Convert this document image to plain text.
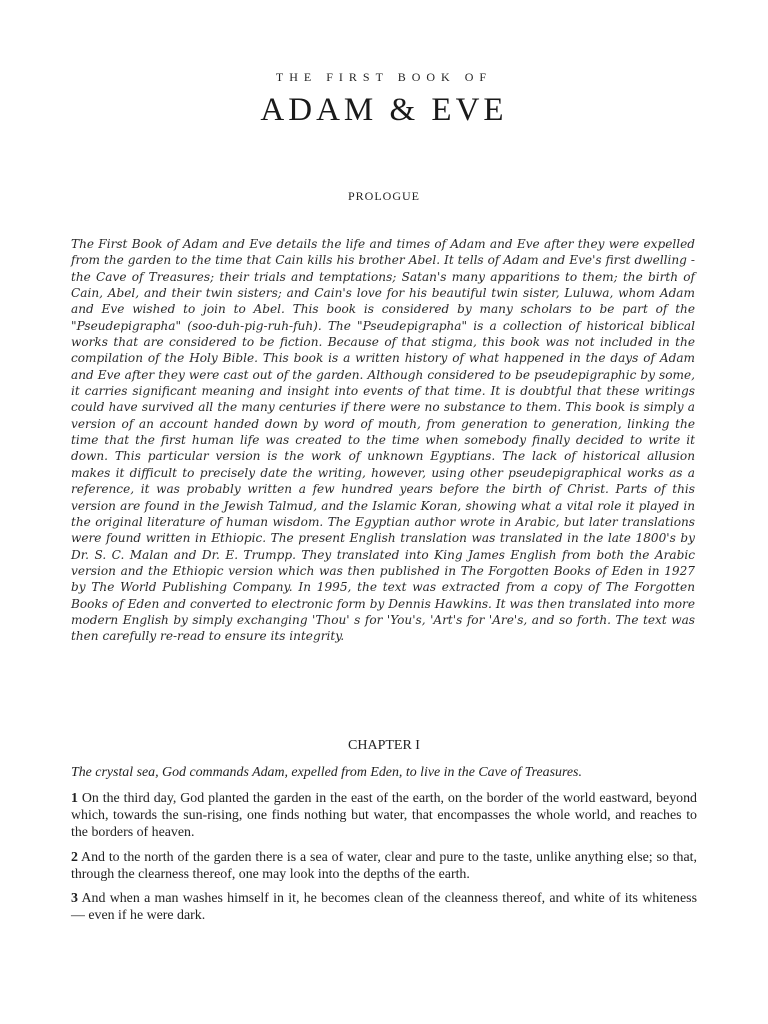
THE FIRST BOOK OF
ADAM & EVE
PROLOGUE

The First Book of Adam and Eve details the life and times of Adam and Eve after they were expelled from the garden to the time that Cain kills his brother Abel. It tells of Adam and Eve's first dwelling - the Cave of Treasures; their trials and temptations; Satan's many apparitions to them; the birth of Cain, Abel, and their twin sisters; and Cain's love for his beautiful twin sister, Luluwa, whom Adam and Eve wished to join to Abel. This book is considered by many scholars to be part of the "Pseudepigrapha" (soo-duh-pig-ruh-fuh). The "Pseudepigrapha" is a collection of historical biblical works that are considered to be fiction. Because of that stigma, this book was not included in the compilation of the Holy Bible. This book is a written history of what happened in the days of Adam and Eve after they were cast out of the garden. Although considered to be pseudepigraphic by some, it carries significant meaning and insight into events of that time. It is doubtful that these writings could have survived all the many centuries if there were no substance to them. This book is simply a version of an account handed down by word of mouth, from generation to generation, linking the time that the first human life was created to the time when somebody finally decided to write it down. This particular version is the work of unknown Egyptians. The lack of historical allusion makes it difficult to precisely date the writing, however, using other pseudepigraphical works as a reference, it was probably written a few hundred years before the birth of Christ. Parts of this version are found in the Jewish Talmud, and the Islamic Koran, showing what a vital role it played in the original literature of human wisdom. The Egyptian author wrote in Arabic, but later translations were found written in Ethiopic. The present English translation was translated in the late 1800's by Dr. S. C. Malan and Dr. E. Trumpp. They translated into King James English from both the Arabic version and the Ethiopic version which was then published in The Forgotten Books of Eden in 1927 by The World Publishing Company. In 1995, the text was extracted from a copy of The Forgotten Books of Eden and converted to electronic form by Dennis Hawkins. It was then translated into more modern English by simply exchanging 'Thou' s for 'You's, 'Art's for 'Are's, and so forth. The text was then carefully re-read to ensure its integrity.

CHAPTER I

The crystal sea, God commands Adam, expelled from Eden, to live in the Cave of Treasures.

1 On the third day, God planted the garden in the east of the earth, on the border of the world eastward, beyond which, towards the sun-rising, one finds nothing but water, that encompasses the whole world, and reaches to the borders of heaven.

2 And to the north of the garden there is a sea of water, clear and pure to the taste, unlike anything else; so that, through the clearness thereof, one may look into the depths of the earth.

3 And when a man washes himself in it, he becomes clean of the cleanness thereof, and white of its whiteness — even if he were dark.
